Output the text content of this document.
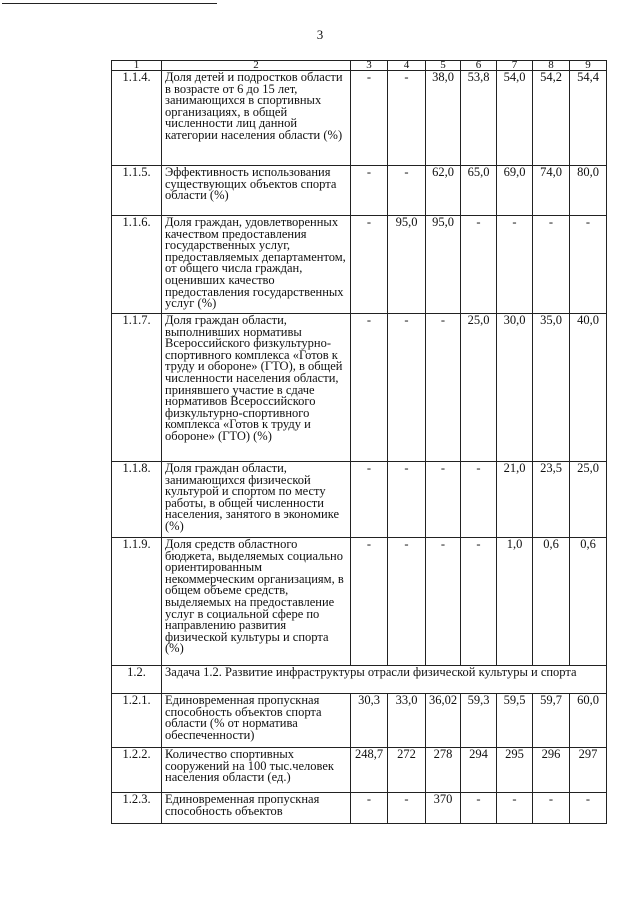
3
1	2	3	4	5	6	7	8	9
1.1.4.	Доля детей и подростков области в возрасте от 6 до 15 лет, занимающихся в спортивных организациях, в общей численности лиц данной категории населения области (%)	-	-	38,0	53,8	54,0	54,2	54,4
1.1.5.	Эффективность использования существующих объектов спорта области (%)	-	-	62,0	65,0	69,0	74,0	80,0
1.1.6.	Доля граждан, удовлетворенных качеством предоставления государственных услуг, предоставляемых департаментом, от общего числа граждан, оценивших качество предоставления государственных услуг (%)	-	95,0	95,0	-	-	-	-
1.1.7.	Доля граждан области, выполнивших нормативы Всероссийского физкультурно-спортивного комплекса «Готов к труду и обороне» (ГТО), в общей численности населения области, принявшего участие в сдаче нормативов Всероссийского физкультурно-спортивного комплекса «Готов к труду и обороне» (ГТО) (%)	-	-	-	25,0	30,0	35,0	40,0
1.1.8.	Доля граждан области, занимающихся физической культурой и спортом по месту работы, в общей численности населения, занятого в экономике (%)	-	-	-	-	21,0	23,5	25,0
1.1.9.	Доля средств областного бюджета, выделяемых социально ориентированным некоммерческим организациям, в общем объеме средств, выделяемых на предоставление услуг в социальной сфере по направлению развития физической культуры и спорта (%)	-	-	-	-	1,0	0,6	0,6
1.2.	Задача 1.2. Развитие инфраструктуры отрасли физической культуры и спорта							
1.2.1.	Единовременная пропускная способность объектов спорта области (% от норматива обеспеченности)	30,3	33,0	36,02	59,3	59,5	59,7	60,0
1.2.2.	Количество спортивных сооружений на 100 тыс.человек населения области (ед.)	248,7	272	278	294	295	296	297
1.2.3.	Единовременная пропускная способность объектов	-	-	370	-	-	-	-
